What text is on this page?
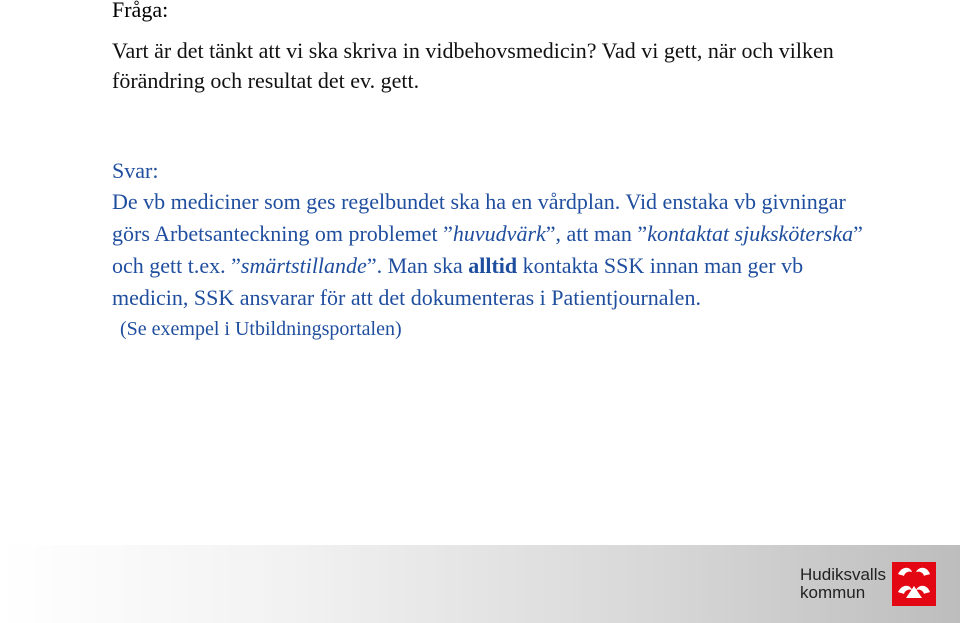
Fråga:
Vart är det tänkt att vi ska skriva in vidbehovsmedicin? Vad vi gett, när och vilken förändring och resultat det ev. gett.
Svar:
De vb mediciner som ges regelbundet ska ha en vårdplan. Vid enstaka vb givningar görs Arbetsanteckning om problemet ”huvudvärk”, att man ”kontaktat sjuksköterska” och gett t.ex. ”smärtstillande”. Man ska alltid kontakta SSK innan man ger vb medicin, SSK ansvarar för att det dokumenteras i Patientjournalen.
(Se exempel i Utbildningsportalen)
Hudiksvalls
kommun
